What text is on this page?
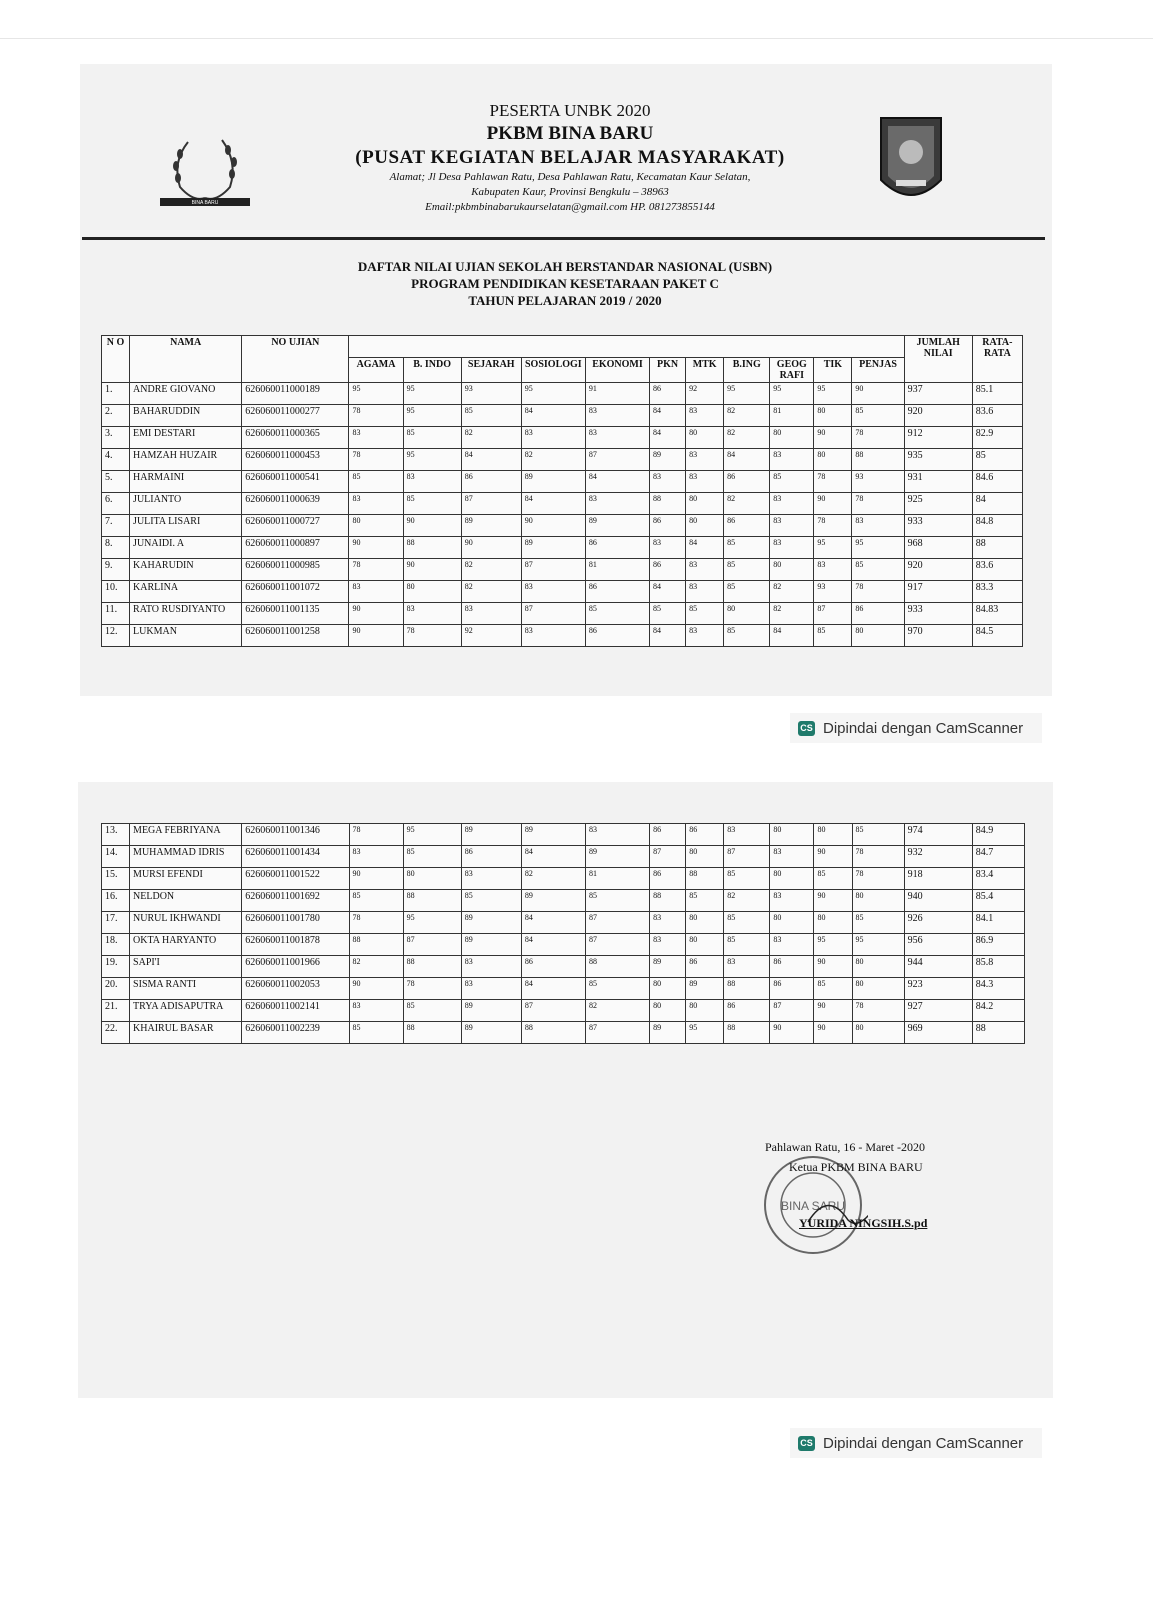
BINA BARU
PESERTA UNBK 2020
PKBM BINA BARU
(PUSAT KEGIATAN BELAJAR MASYARAKAT)
Alamat; Jl Desa Pahlawan Ratu, Desa Pahlawan Ratu, Kecamatan Kaur Selatan,
Kabupaten Kaur, Provinsi Bengkulu – 38963
Email:pkbmbinabarukaurselatan@gmail.com HP. 081273855144
DAFTAR NILAI UJIAN SEKOLAH BERSTANDAR NASIONAL (USBN)
PROGRAM PENDIDIKAN KESETARAAN PAKET C
TAHUN PELAJARAN 2019 / 2020
N O	NAMA	NO UJIAN												JUMLAH NILAI	RATA-RATA
			AGAMA	B. INDO	SEJARAH	SOSIOLOGI	EKONOMI	PKN	MTK	B.ING	GEOG RAFI	TIK	PENJAS		
1.	ANDRE GIOVANO	626060011000189	95	95	93	95	91	86	92	95	95	95	90	937	85.1
2.	BAHARUDDIN	626060011000277	78	95	85	84	83	84	83	82	81	80	85	920	83.6
3.	EMI DESTARI	626060011000365	83	85	82	83	83	84	80	82	80	90	78	912	82.9
4.	HAMZAH HUZAIR	626060011000453	78	95	84	82	87	89	83	84	83	80	88	935	85
5.	HARMAINI	626060011000541	85	83	86	89	84	83	83	86	85	78	93	931	84.6
6.	JULIANTO	626060011000639	83	85	87	84	83	88	80	82	83	90	78	925	84
7.	JULITA LISARI	626060011000727	80	90	89	90	89	86	80	86	83	78	83	933	84.8
8.	JUNAIDI. A	626060011000897	90	88	90	89	86	83	84	85	83	95	95	968	88
9.	KAHARUDIN	626060011000985	78	90	82	87	81	86	83	85	80	83	85	920	83.6
10.	KARLINA	626060011001072	83	80	82	83	86	84	83	85	82	93	78	917	83.3
11.	RATO RUSDIYANTO	626060011001135	90	83	83	87	85	85	85	80	82	87	86	933	84.83
12.	LUKMAN	626060011001258	90	78	92	83	86	84	83	85	84	85	80	970	84.5
CS Dipindai dengan CamScanner
13.	MEGA FEBRIYANA	626060011001346	78	95	89	89	83	86	86	83	80	80	85	974	84.9
14.	MUHAMMAD IDRIS	626060011001434	83	85	86	84	89	87	80	87	83	90	78	932	84.7
15.	MURSI EFENDI	626060011001522	90	80	83	82	81	86	88	85	80	85	78	918	83.4
16.	NELDON	626060011001692	85	88	85	89	85	88	85	82	83	90	80	940	85.4
17.	NURUL IKHWANDI	626060011001780	78	95	89	84	87	83	80	85	80	80	85	926	84.1
18.	OKTA HARYANTO	626060011001878	88	87	89	84	87	83	80	85	83	95	95	956	86.9
19.	SAPI'I	626060011001966	82	88	83	86	88	89	86	83	86	90	80	944	85.8
20.	SISMA RANTI	626060011002053	90	78	83	84	85	80	89	88	86	85	80	923	84.3
21.	TRYA ADISAPUTRA	626060011002141	83	85	89	87	82	80	80	86	87	90	78	927	84.2
22.	KHAIRUL BASAR	626060011002239	85	88	89	88	87	89	95	88	90	90	80	969	88
BINA SARU
Pahlawan Ratu, 16 - Maret -2020
Ketua PKBM BINA BARU
YURIDA NINGSIH.S.pd
CS Dipindai dengan CamScanner
